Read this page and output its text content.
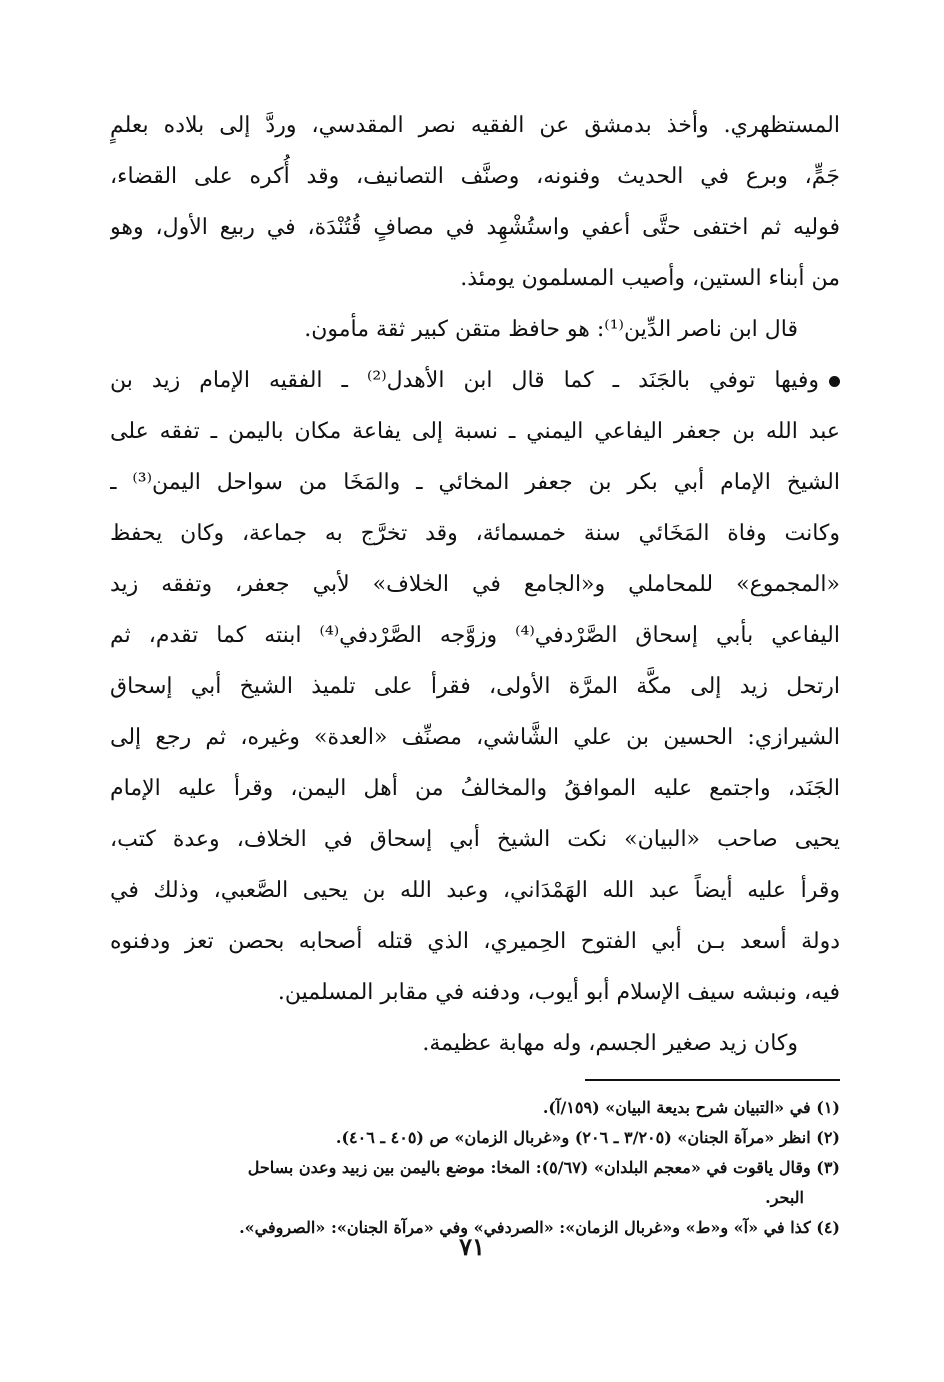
المستظهري. وأخذ بدمشق عن الفقيه نصر المقدسي، وردَّ إلى بلاده بعلمٍ
جَمٍّ، وبرع في الحديث وفنونه، وصنَّف التصانيف، وقد أُكره على القضاء،
فوليه ثم اختفى حتَّى أعفي واستُشْهِد في مصافٍ قُتُنْدَة، في ربيع الأول، وهو
من أبناء الستين، وأصيب المسلمون يومئذ.
قال ابن ناصر الدِّين⁽¹⁾: هو حافظ متقن كبير ثقة مأمون.
وفيها توفي بالجَنَد ـ كما قال ابن الأهدل⁽²⁾ ـ الفقيه الإمام زيد بن
عبد الله بن جعفر اليفاعي اليمني ـ نسبة إلى يفاعة مكان باليمن ـ تفقه على
الشيخ الإمام أبي بكر بن جعفر المخائي ـ والمَخَا من سواحل اليمن⁽³⁾ ـ
وكانت وفاة المَخَائي سنة خمسمائة، وقد تخرَّج به جماعة، وكان يحفظ
«المجموع» للمحاملي و«الجامع في الخلاف» لأبي جعفر، وتفقه زيد
اليفاعي بأبي إسحاق الصَّرْدفي⁽⁴⁾ وزوَّجه الصَّرْدفي⁽⁴⁾ ابنته كما تقدم، ثم
ارتحل زيد إلى مكَّة المرَّة الأولى، فقرأ على تلميذ الشيخ أبي إسحاق
الشيرازي: الحسين بن علي الشَّاشي، مصنِّف «العدة» وغيره، ثم رجع إلى
الجَنَد، واجتمع عليه الموافقُ والمخالفُ من أهل اليمن، وقرأ عليه الإمام
يحيى صاحب «البيان» نكت الشيخ أبي إسحاق في الخلاف، وعدة كتب،
وقرأ عليه أيضاً عبد الله الهَمْدَاني، وعبد الله بن يحيى الصَّعبي، وذلك في
دولة أسعد بـن أبي الفتوح الحِميري، الذي قتله أصحابه بحصن تعز ودفنوه
فيه، ونبشه سيف الإسلام أبو أيوب، ودفنه في مقابر المسلمين.
وكان زيد صغير الجسم، وله مهابة عظيمة.
(١) في «التبيان شرح بديعة البيان» (١٥٩/آ).
(٢) انظر «مرآة الجنان» (٣/٢٠٥ ـ ٢٠٦) و«غربال الزمان» ص (٤٠٥ ـ ٤٠٦).
(٣) وقال ياقوت في «معجم البلدان» (٥/٦٧): المخا: موضع باليمن بين زبيد وعدن بساحل
البحر.
(٤) كذا في «آ» و«ط» و«غربال الزمان»: «الصردفي» وفي «مرآة الجنان»: «الصروفي».
٧١
